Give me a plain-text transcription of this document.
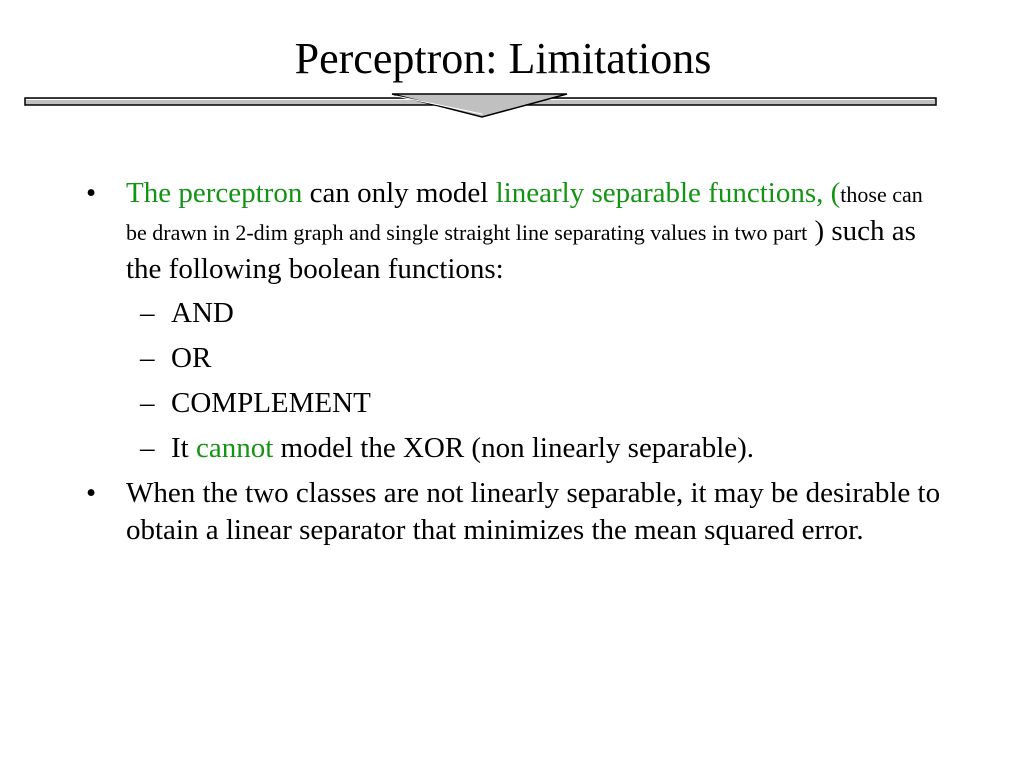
Perceptron: Limitations
•	The perceptron can only model linearly separable functions, (those can be drawn in 2-dim graph and single straight line separating values in two part ) such as the following boolean functions:
– AND
– OR
– COMPLEMENT
– It cannot model the XOR (non linearly separable).
•	When the two classes are not linearly separable, it may be desirable to obtain a linear separator that minimizes the mean squared error.
